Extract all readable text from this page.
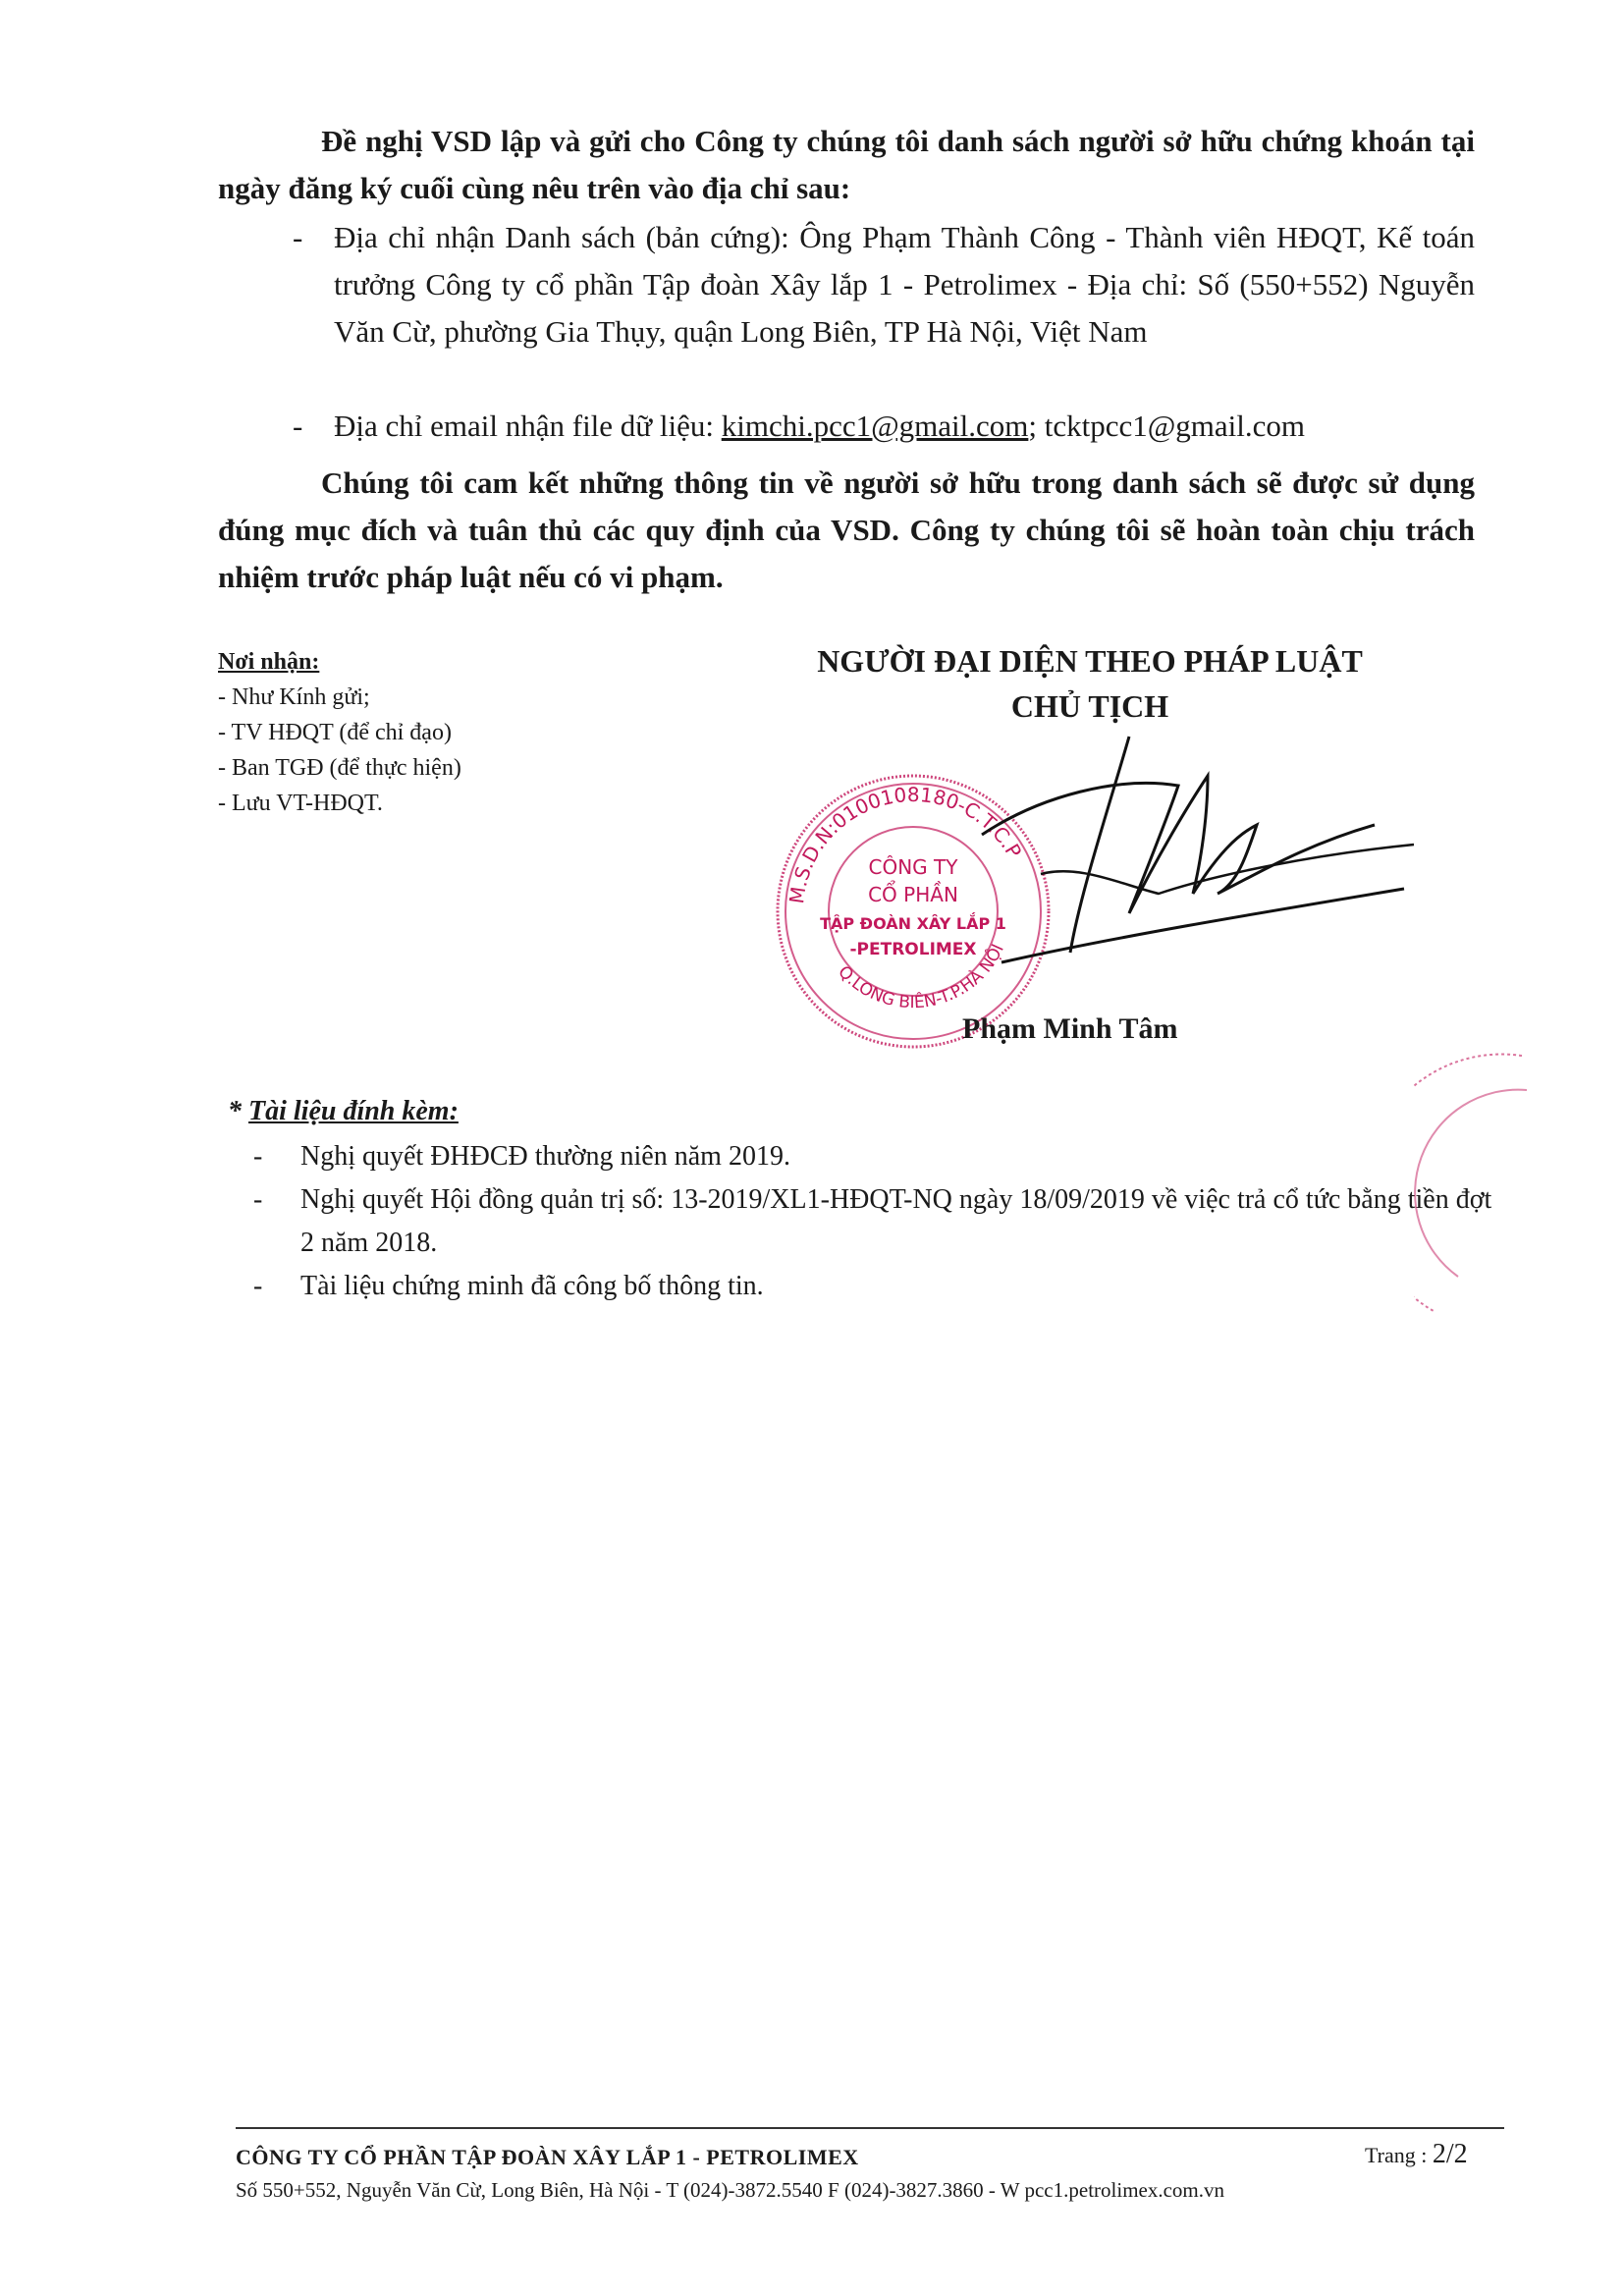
Đề nghị VSD lập và gửi cho Công ty chúng tôi danh sách người sở hữu chứng khoán tại ngày đăng ký cuối cùng nêu trên vào địa chỉ sau:

- Địa chỉ nhận Danh sách (bản cứng): Ông Phạm Thành Công - Thành viên HĐQT, Kế toán trưởng Công ty cổ phần Tập đoàn Xây lắp 1 - Petrolimex - Địa chỉ: Số (550+552) Nguyễn Văn Cừ, phường Gia Thụy, quận Long Biên, TP Hà Nội, Việt Nam

- Địa chỉ email nhận file dữ liệu: kimchi.pcc1@gmail.com; tcktpcc1@gmail.com

Chúng tôi cam kết những thông tin về người sở hữu trong danh sách sẽ được sử dụng đúng mục đích và tuân thủ các quy định của VSD. Công ty chúng tôi sẽ hoàn toàn chịu trách nhiệm trước pháp luật nếu có vi phạm.

Nơi nhận:
- Như Kính gửi;
- TV HĐQT (để chỉ đạo)
- Ban TGĐ (để thực hiện)
- Lưu VT-HĐQT.
NGƯỜI ĐẠI DIỆN THEO PHÁP LUẬT
CHỦ TỊCH
M.S.D.N:0100108180-C.T.C.P
Q.LONG BIÊN-T.P.HÀ NỘI
CÔNG TY
CỔ PHẦN
TẬP ĐOÀN XÂY LẮP 1
-PETROLIMEX
Phạm Minh Tâm
* Tài liệu đính kèm:
- Nghị quyết ĐHĐCĐ thường niên năm 2019.
- Nghị quyết Hội đồng quản trị số: 13-2019/XL1-HĐQT-NQ ngày 18/09/2019 về việc trả cổ tức bằng tiền đợt 2 năm 2018.
- Tài liệu chứng minh đã công bố thông tin.
CÔNG TY CỔ PHẦN TẬP ĐOÀN XÂY LẮP 1 - PETROLIMEX	Trang : 2/2
Số 550+552, Nguyễn Văn Cừ, Long Biên, Hà Nội - T (024)-3872.5540 F (024)-3827.3860 - W pcc1.petrolimex.com.vn
